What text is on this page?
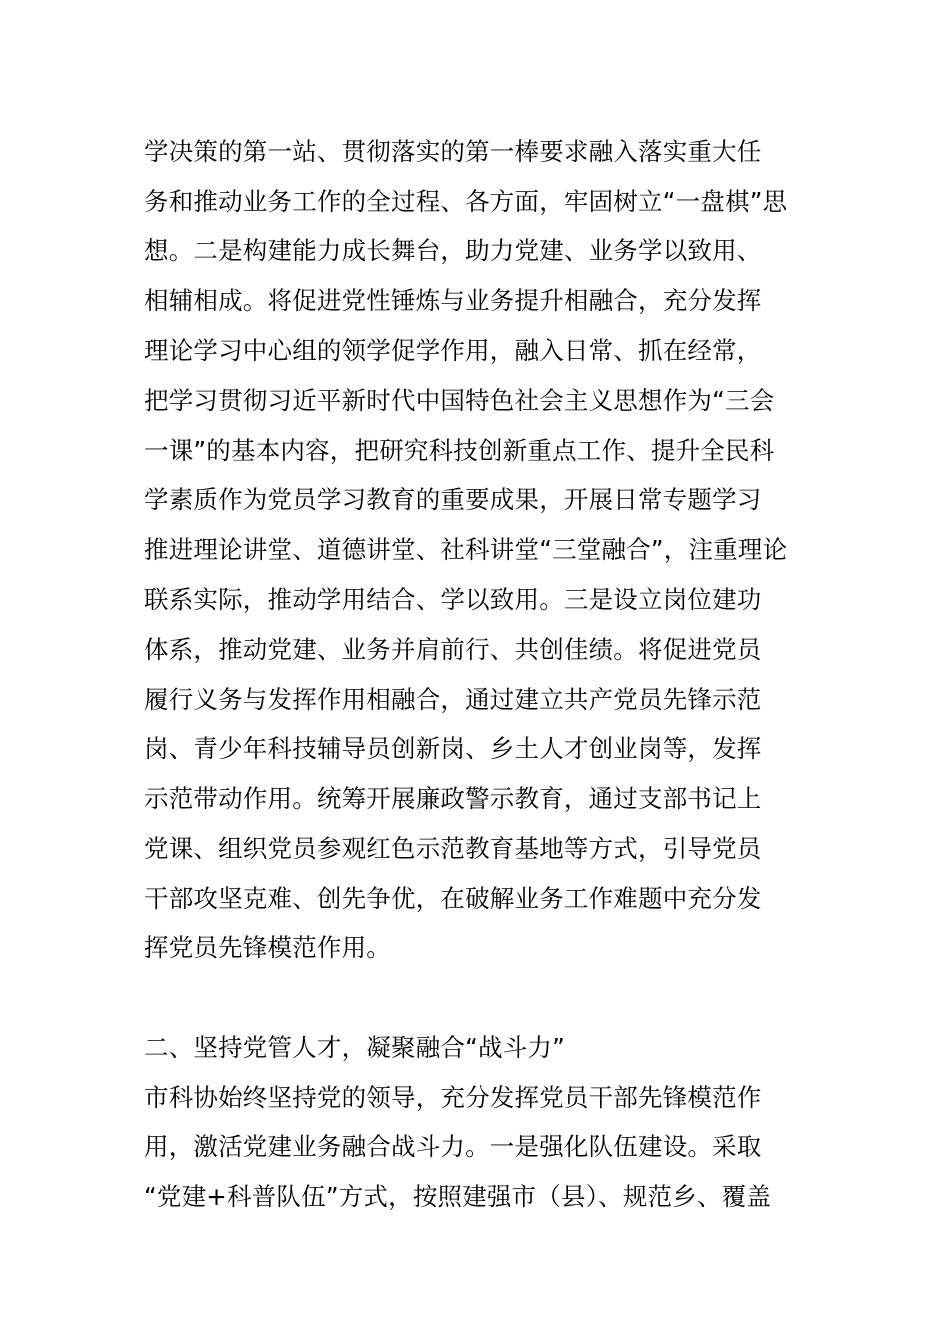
学决策的第一站、贯彻落实的第一棒要求融入落实重大任
务和推动业务工作的全过程、各方面，牢固树立“一盘棋”思
想。二是构建能力成长舞台，助力党建、业务学以致用、
相辅相成。将促进党性锤炼与业务提升相融合，充分发挥
理论学习中心组的领学促学作用，融入日常、抓在经常，
把学习贯彻习近平新时代中国特色社会主义思想作为“三会
一课”的基本内容，把研究科技创新重点工作、提升全民科
学素质作为党员学习教育的重要成果，开展日常专题学习
推进理论讲堂、道德讲堂、社科讲堂“三堂融合”，注重理论
联系实际，推动学用结合、学以致用。三是设立岗位建功
体系，推动党建、业务并肩前行、共创佳绩。将促进党员
履行义务与发挥作用相融合，通过建立共产党员先锋示范
岗、青少年科技辅导员创新岗、乡土人才创业岗等，发挥
示范带动作用。统筹开展廉政警示教育，通过支部书记上
党课、组织党员参观红色示范教育基地等方式，引导党员
干部攻坚克难、创先争优，在破解业务工作难题中充分发
挥党员先锋模范作用。
二、坚持党管人才，凝聚融合“战斗力”
市科协始终坚持党的领导，充分发挥党员干部先锋模范作
用，激活党建业务融合战斗力。一是强化队伍建设。采取
“党建+科普队伍”方式，按照建强市（县）、规范乡、覆盖
